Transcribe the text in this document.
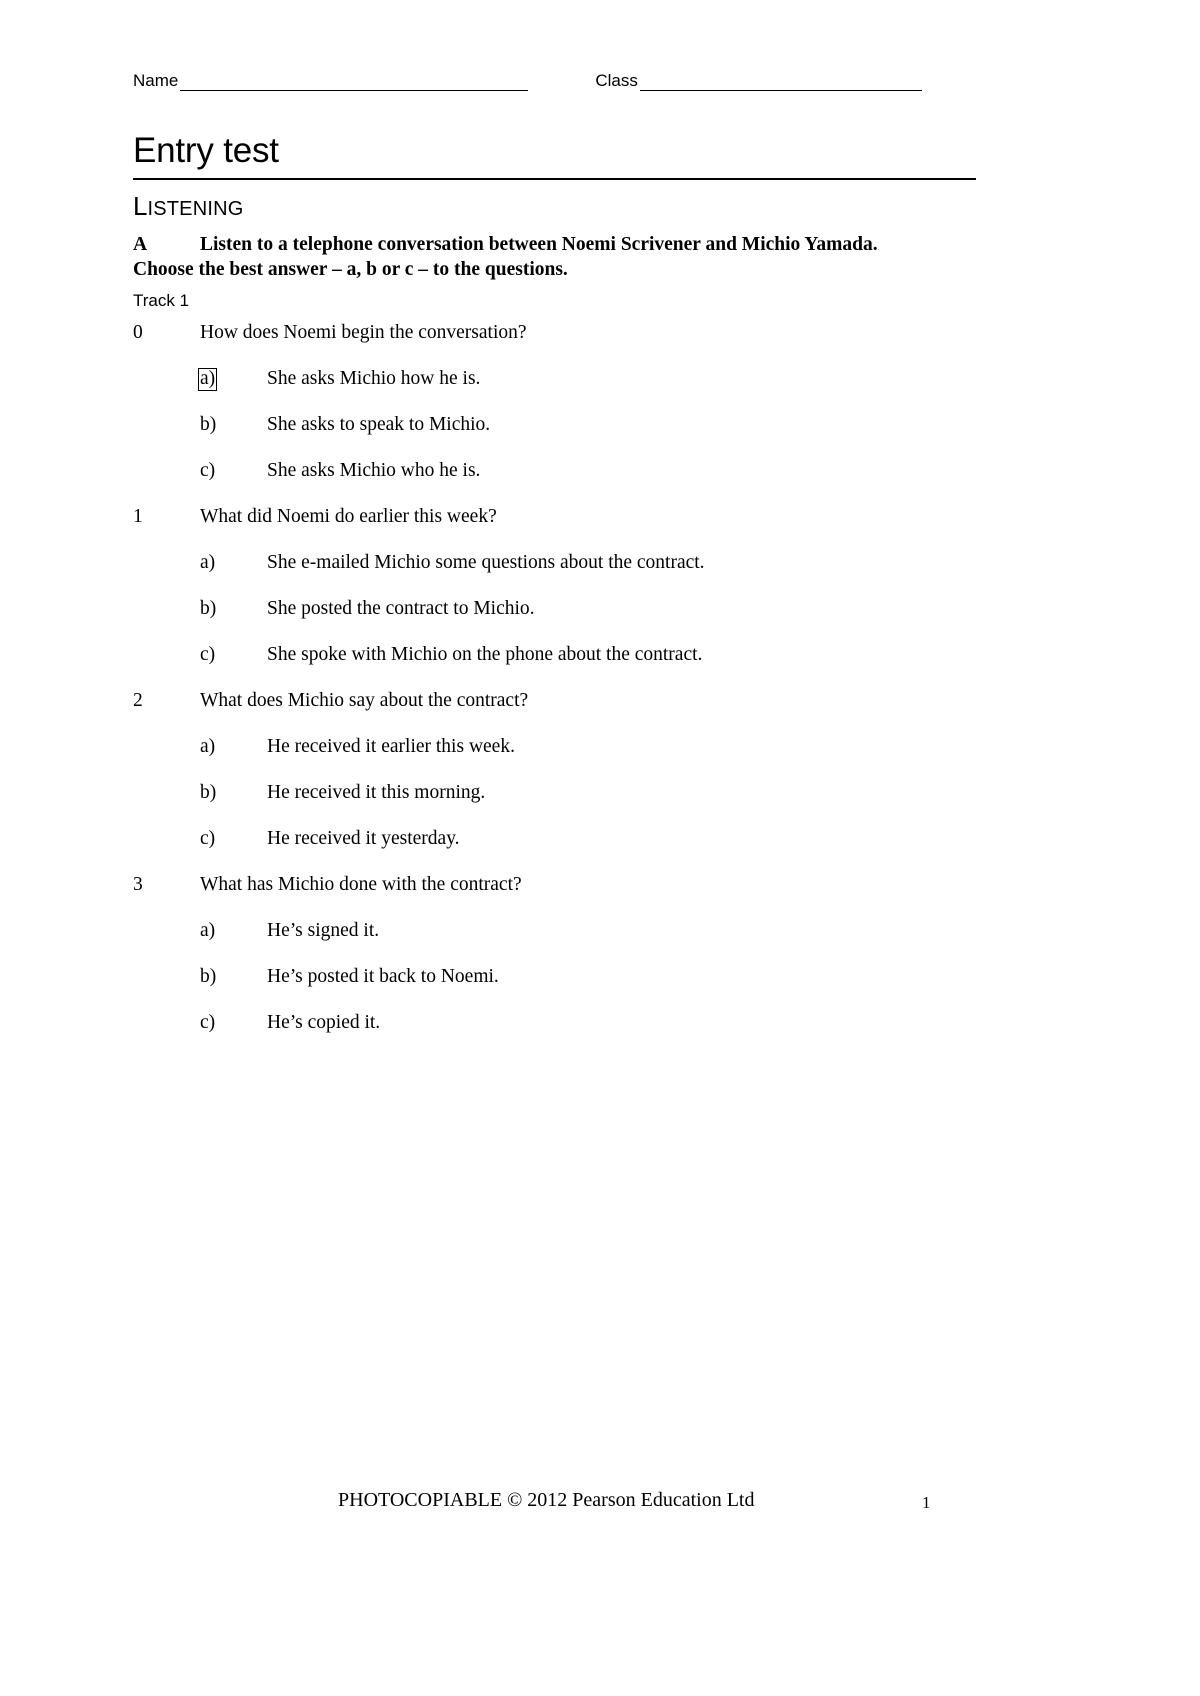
Name	Class
Entry test
LISTENING
A	Listen to a telephone conversation between Noemi Scrivener and Michio Yamada. Choose the best answer – a, b or c – to the questions.
Track 1
0	How does Noemi begin the conversation?
a)	She asks Michio how he is.
b)	She asks to speak to Michio.
c)	She asks Michio who he is.
1	What did Noemi do earlier this week?
a)	She e-mailed Michio some questions about the contract.
b)	She posted the contract to Michio.
c)	She spoke with Michio on the phone about the contract.
2	What does Michio say about the contract?
a)	He received it earlier this week.
b)	He received it this morning.
c)	He received it yesterday.
3	What has Michio done with the contract?
a)	He’s signed it.
b)	He’s posted it back to Noemi.
c)	He’s copied it.
PHOTOCOPIABLE © 2012 Pearson Education Ltd	1
